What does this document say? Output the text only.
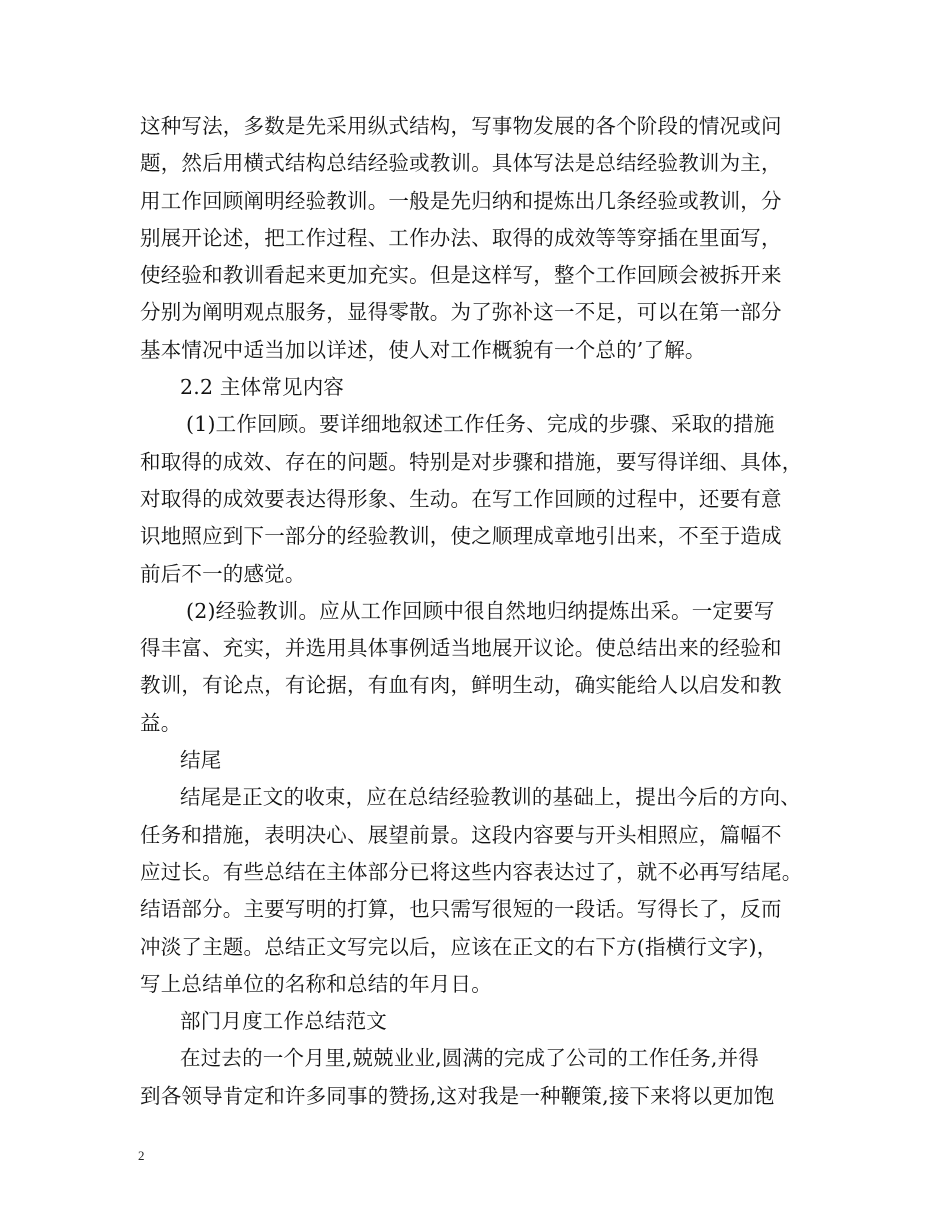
这种写法，多数是先采用纵式结构，写事物发展的各个阶段的情况或问
题，然后用横式结构总结经验或教训。具体写法是总结经验教训为主，
用工作回顾阐明经验教训。一般是先归纳和提炼出几条经验或教训，分
别展开论述，把工作过程、工作办法、取得的成效等等穿插在里面写，
使经验和教训看起来更加充实。但是这样写，整个工作回顾会被拆开来
分别为阐明观点服务，显得零散。为了弥补这一不足，可以在第一部分
基本情况中适当加以详述，使人对工作概貌有一个总的’了解。
2.2 主体常见内容
(1)工作回顾。要详细地叙述工作任务、完成的步骤、采取的措施
和取得的成效、存在的问题。特别是对步骤和措施，要写得详细、具体，
对取得的成效要表达得形象、生动。在写工作回顾的过程中，还要有意
识地照应到下一部分的经验教训，使之顺理成章地引出来，不至于造成
前后不一的感觉。
(2)经验教训。应从工作回顾中很自然地归纳提炼出采。一定要写
得丰富、充实，并选用具体事例适当地展开议论。使总结出来的经验和
教训，有论点，有论据，有血有肉，鲜明生动，确实能给人以启发和教
益。
结尾
结尾是正文的收束，应在总结经验教训的基础上，提出今后的方向、
任务和措施，表明决心、展望前景。这段内容要与开头相照应，篇幅不
应过长。有些总结在主体部分已将这些内容表达过了，就不必再写结尾。
结语部分。主要写明的打算，也只需写很短的一段话。写得长了，反而
冲淡了主题。总结正文写完以后，应该在正文的右下方(指横行文字)，
写上总结单位的名称和总结的年月日。
部门月度工作总结范文
在过去的一个月里,兢兢业业,圆满的完成了公司的工作任务,并得
到各领导肯定和许多同事的赞扬,这对我是一种鞭策,接下来将以更加饱
2
